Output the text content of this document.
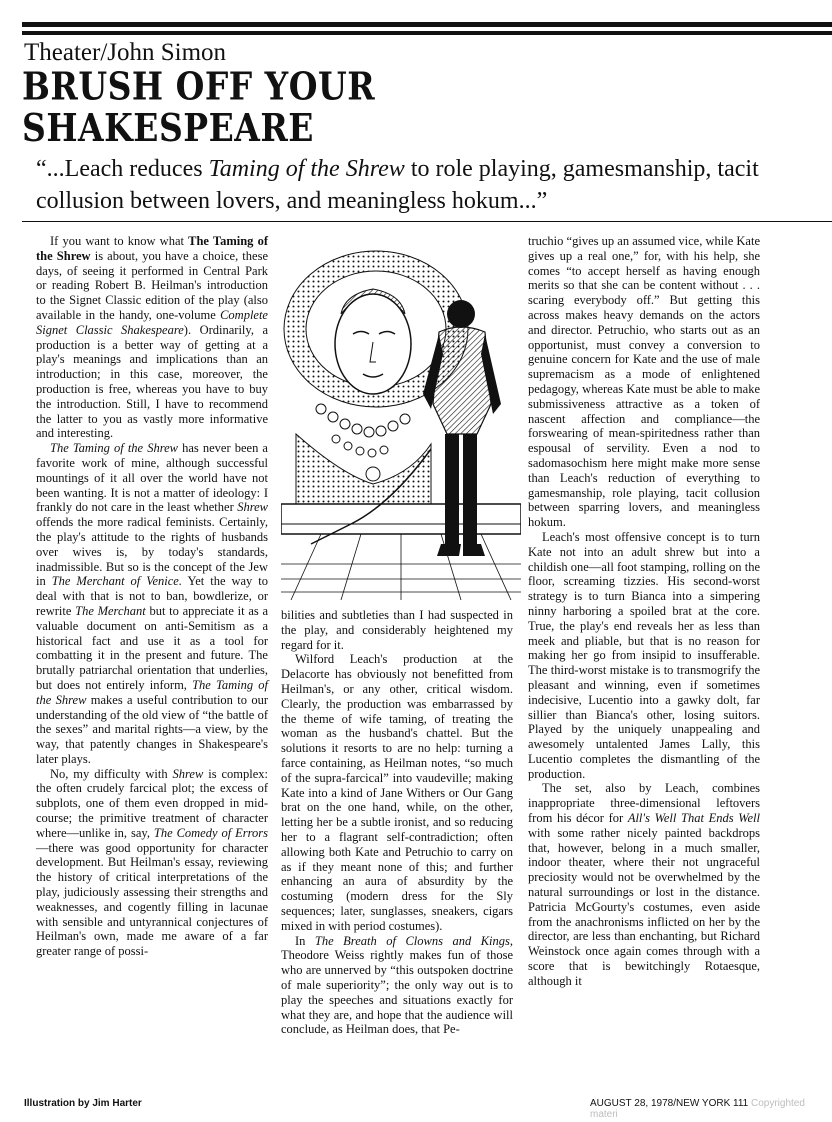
Theater/John Simon
BRUSH OFF YOUR
SHAKESPEARE
“...Leach reduces Taming of the Shrew to role playing, gamesmanship, tacit collusion between lovers, and meaningless hokum...”

If you want to know what The Taming of the Shrew is about, you have a choice, these days, of seeing it performed in Central Park or reading Robert B. Heilman's introduction to the Signet Classic edition of the play (also available in the handy, one-volume Complete Signet Classic Shakespeare). Ordinarily, a production is a better way of getting at a play's meanings and implications than an introduction; in this case, moreover, the production is free, whereas you have to buy the introduction. Still, I have to recommend the latter to you as vastly more informative and interesting.

The Taming of the Shrew has never been a favorite work of mine, although successful mountings of it all over the world have not been wanting. It is not a matter of ideology: I frankly do not care in the least whether Shrew offends the more radical feminists. Certainly, the play's attitude to the rights of husbands over wives is, by today's standards, inadmissible. But so is the concept of the Jew in The Merchant of Venice. Yet the way to deal with that is not to ban, bowdlerize, or rewrite The Merchant but to appreciate it as a valuable document on anti-Semitism as a historical fact and use it as a tool for combatting it in the present and future. The brutally patriarchal orientation that underlies, but does not entirely inform, The Taming of the Shrew makes a useful contribution to our understanding of the old view of “the battle of the sexes” and marital rights—a view, by the way, that patently changes in Shakespeare's later plays.

No, my difficulty with Shrew is complex: the often crudely farcical plot; the excess of subplots, one of them even dropped in mid-course; the primitive treatment of character where—unlike in, say, The Comedy of Errors—there was good opportunity for character development. But Heilman's essay, reviewing the history of critical interpretations of the play, judiciously assessing their strengths and weaknesses, and cogently filling in lacunae with sensible and untyrannical conjectures of Heilman's own, made me aware of a far greater range of possi-

bilities and subtleties than I had suspected in the play, and considerably heightened my regard for it.

Wilford Leach's production at the Delacorte has obviously not benefitted from Heilman's, or any other, critical wisdom. Clearly, the production was embarrassed by the theme of wife taming, of treating the woman as the husband's chattel. But the solutions it resorts to are no help: turning a farce containing, as Heilman notes, “so much of the supra-farcical” into vaudeville; making Kate into a kind of Jane Withers or Our Gang brat on the one hand, while, on the other, letting her be a subtle ironist, and so reducing her to a flagrant self-contradiction; often allowing both Kate and Petruchio to carry on as if they meant none of this; and further enhancing an aura of absurdity by the costuming (modern dress for the Sly sequences; later, sunglasses, sneakers, cigars mixed in with period costumes).

In The Breath of Clowns and Kings, Theodore Weiss rightly makes fun of those who are unnerved by “this outspoken doctrine of male superiority”; the only way out is to play the speeches and situations exactly for what they are, and hope that the audience will conclude, as Heilman does, that Pe-

truchio “gives up an assumed vice, while Kate gives up a real one,” for, with his help, she comes “to accept herself as having enough merits so that she can be content without . . . scaring everybody off.” But getting this across makes heavy demands on the actors and director. Petruchio, who starts out as an opportunist, must convey a conversion to genuine concern for Kate and the use of male supremacism as a mode of enlightened pedagogy, whereas Kate must be able to make submissiveness attractive as a token of nascent affection and compliance—the forswearing of mean-spiritedness rather than espousal of servility. Even a nod to sadomasochism here might make more sense than Leach's reduction of everything to gamesmanship, role playing, tacit collusion between sparring lovers, and meaningless hokum.

Leach's most offensive concept is to turn Kate not into an adult shrew but into a childish one—all foot stamping, rolling on the floor, screaming tizzies. His second-worst strategy is to turn Bianca into a simpering ninny harboring a spoiled brat at the core. True, the play's end reveals her as less than meek and pliable, but that is no reason for making her go from insipid to insufferable. The third-worst mistake is to transmogrify the pleasant and winning, even if sometimes indecisive, Lucentio into a gawky dolt, far sillier than Bianca's other, losing suitors. Played by the uniquely unappealing and awesomely untalented James Lally, this Lucentio completes the dismantling of the production.

The set, also by Leach, combines inappropriate three-dimensional leftovers from his décor for All's Well That Ends Well with some rather nicely painted backdrops that, however, belong in a much smaller, indoor theater, where their not ungraceful preciosity would not be overwhelmed by the natural surroundings or lost in the distance. Patricia McGourty's costumes, even aside from the anachronisms inflicted on her by the director, are less than enchanting, but Richard Weinstock once again comes through with a score that is bewitchingly Rotaesque, although it

Illustration by Jim Harter	AUGUST 28, 1978/NEW YORK 111 Copyrighted materi
